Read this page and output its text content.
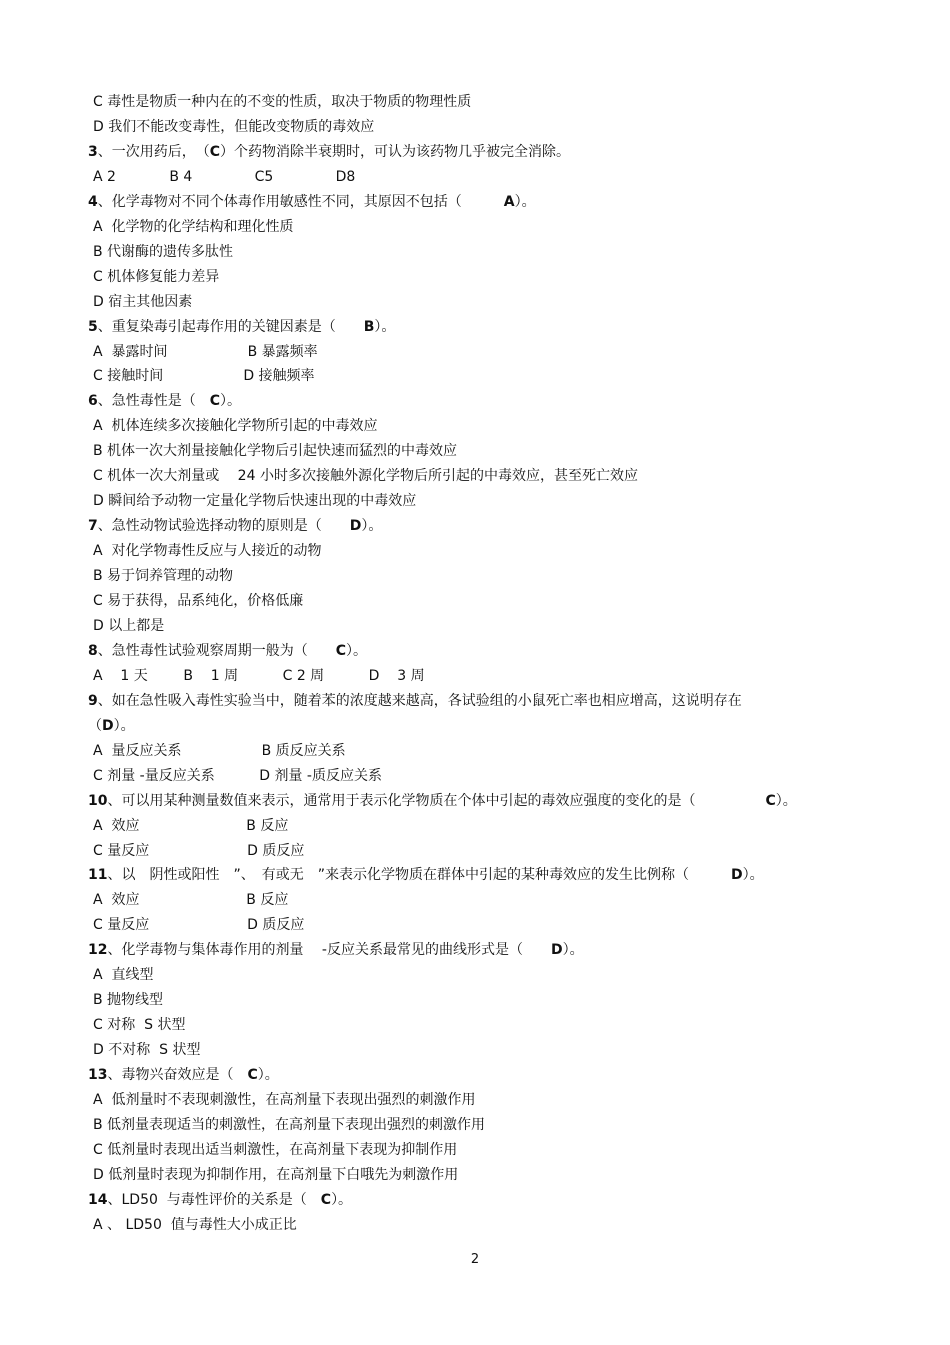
C 毒性是物质一种内在的不变的性质，取决于物质的物理性质
D 我们不能改变毒性，但能改变物质的毒效应
3、一次用药后，　（C）个药物消除半衰期时，可认为该药物几乎被完全消除。
A 2            B 4              C5              D8
4、化学毒物对不同个体毒作用敏感性不同，其原因不包括（　　　A）。
A  化学物的化学结构和理化性质
B 代谢酶的遗传多肽性
C 机体修复能力差异
D 宿主其他因素
5、重复染毒引起毒作用的关键因素是（　　B）。
A  暴露时间                  B 暴露频率
C 接触时间                  D 接触频率
6、急性毒性是（　C）。
A  机体连续多次接触化学物所引起的中毒效应
B 机体一次大剂量接触化学物后引起快速而猛烈的中毒效应
C 机体一次大剂量或　 24 小时多次接触外源化学物后所引起的中毒效应，甚至死亡效应
D 瞬间给予动物一定量化学物后快速出现的中毒效应
7、急性动物试验选择动物的原则是（　　D）。
A  对化学物毒性反应与人接近的动物
B 易于饲养管理的动物
C 易于获得，品系纯化，价格低廉
D 以上都是
8、急性毒性试验观察周期一般为（　　C）。
A    1 天        B    1 周          C 2 周          D    3 周
9、如在急性吸入毒性实验当中，随着苯的浓度越来越高，各试验组的小鼠死亡率也相应增高，这说明存在
（D）。
A  量反应关系                  B 质反应关系
C 剂量 -量反应关系          D 剂量 -质反应关系
10、可以用某种测量数值来表示，通常用于表示化学物质在个体中引起的毒效应强度的变化的是（　　　　　C）。
A  效应                        B 反应
C 量反应                      D 质反应
11、以　阴性或阳性　”、　有或无　”来表示化学物质在群体中引起的某种毒效应的发生比例称（　　　D）。
A  效应                        B 反应
C 量反应                      D 质反应
12、化学毒物与集体毒作用的剂量　 -反应关系最常见的曲线形式是（　　D）。
A  直线型
B 抛物线型
C 对称  S 状型
D 不对称  S 状型
13、毒物兴奋效应是（　C）。
A  低剂量时不表现刺激性，在高剂量下表现出强烈的刺激作用
B 低剂量表现适当的刺激性，在高剂量下表现出强烈的刺激作用
C 低剂量时表现出适当刺激性，在高剂量下表现为抑制作用
D 低剂量时表现为抑制作用，在高剂量下白哦先为刺激作用
14、LD50  与毒性评价的关系是（　C）。
A 、 LD50  值与毒性大小成正比
2
